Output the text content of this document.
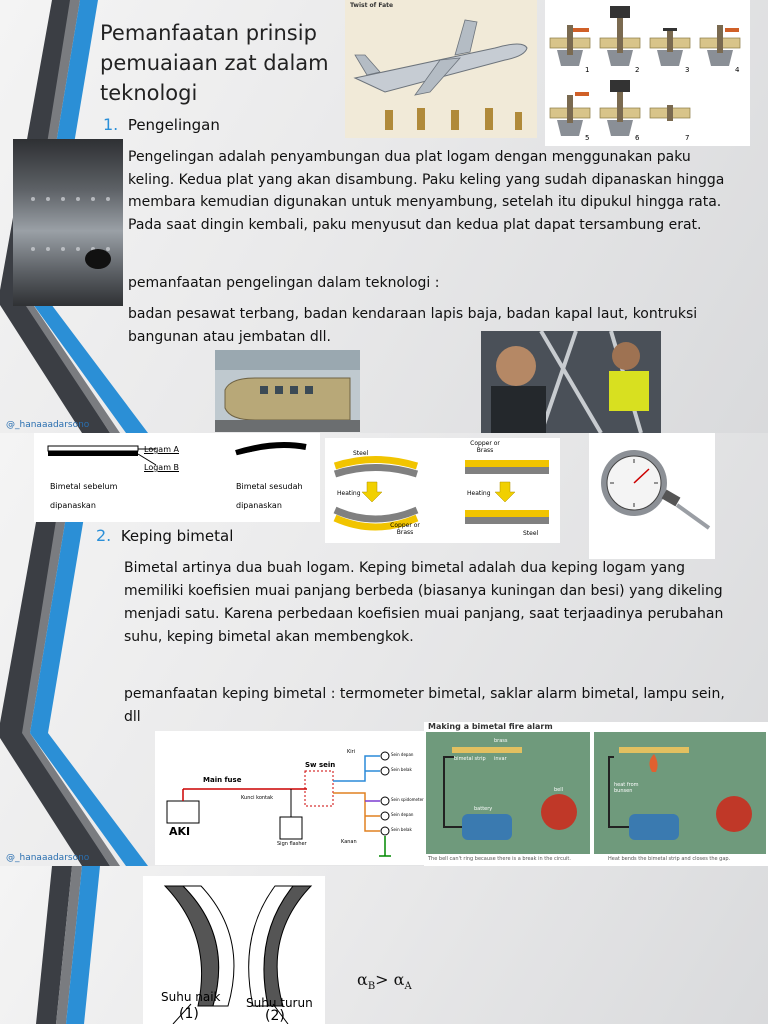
Pemanfaatan prinsip pemuaiaan zat dalam teknologi
Twist of Fate
1	2	3	4
5	6	7
1. Pengelingan
Pengelingan adalah penyambungan dua plat logam dengan menggunakan paku keling. Kedua plat yang akan disambung. Paku keling yang sudah dipanaskan hingga membara kemudian digunakan untuk menyambung, setelah itu dipukul hingga rata. Pada saat dingin kembali, paku menyusut dan kedua plat dapat tersambung erat.
pemanfaatan pengelingan dalam teknologi :
badan pesawat terbang, badan kendaraan lapis baja, badan kapal laut, kontruksi bangunan atau jembatan dll.
@_hanaaadarsono
Logam A
Logam B
Bimetal sebelum dipanaskan
Bimetal sesudah dipanaskan
Steel
Heating
Copper or Brass
Copper or Brass
Heating
Steel
2. Keping bimetal
Bimetal artinya dua buah logam. Keping bimetal adalah dua keping logam yang memiliki koefisien muai panjang berbeda (biasanya kuningan dan besi) yang dikeling menjadi satu. Karena perbedaan koefisien muai panjang, saat terjaadinya perubahan suhu, keping bimetal akan membengkok.
pemanfaatan keping bimetal : termometer bimetal, saklar alarm bimetal, lampu sein, dll
Main fuse
Kunci kontak
Sw sein
AKI
Sign flasher
Kiri
Kanan
Sein depan
Sein belak
Sein spidometer
Sein depan
Sein belak
Making a bimetal fire alarm
The bell can't ring because there is a break in the circuit.	Heat bends the bimetal strip and closes the gap.
bimetal strip
brass
invar
battery
bell
heat from bunsen
@_hanaaadarsono
Suhu naik Suhu turun
(1)	(2)
$\alpha_B> \alpha_A$
